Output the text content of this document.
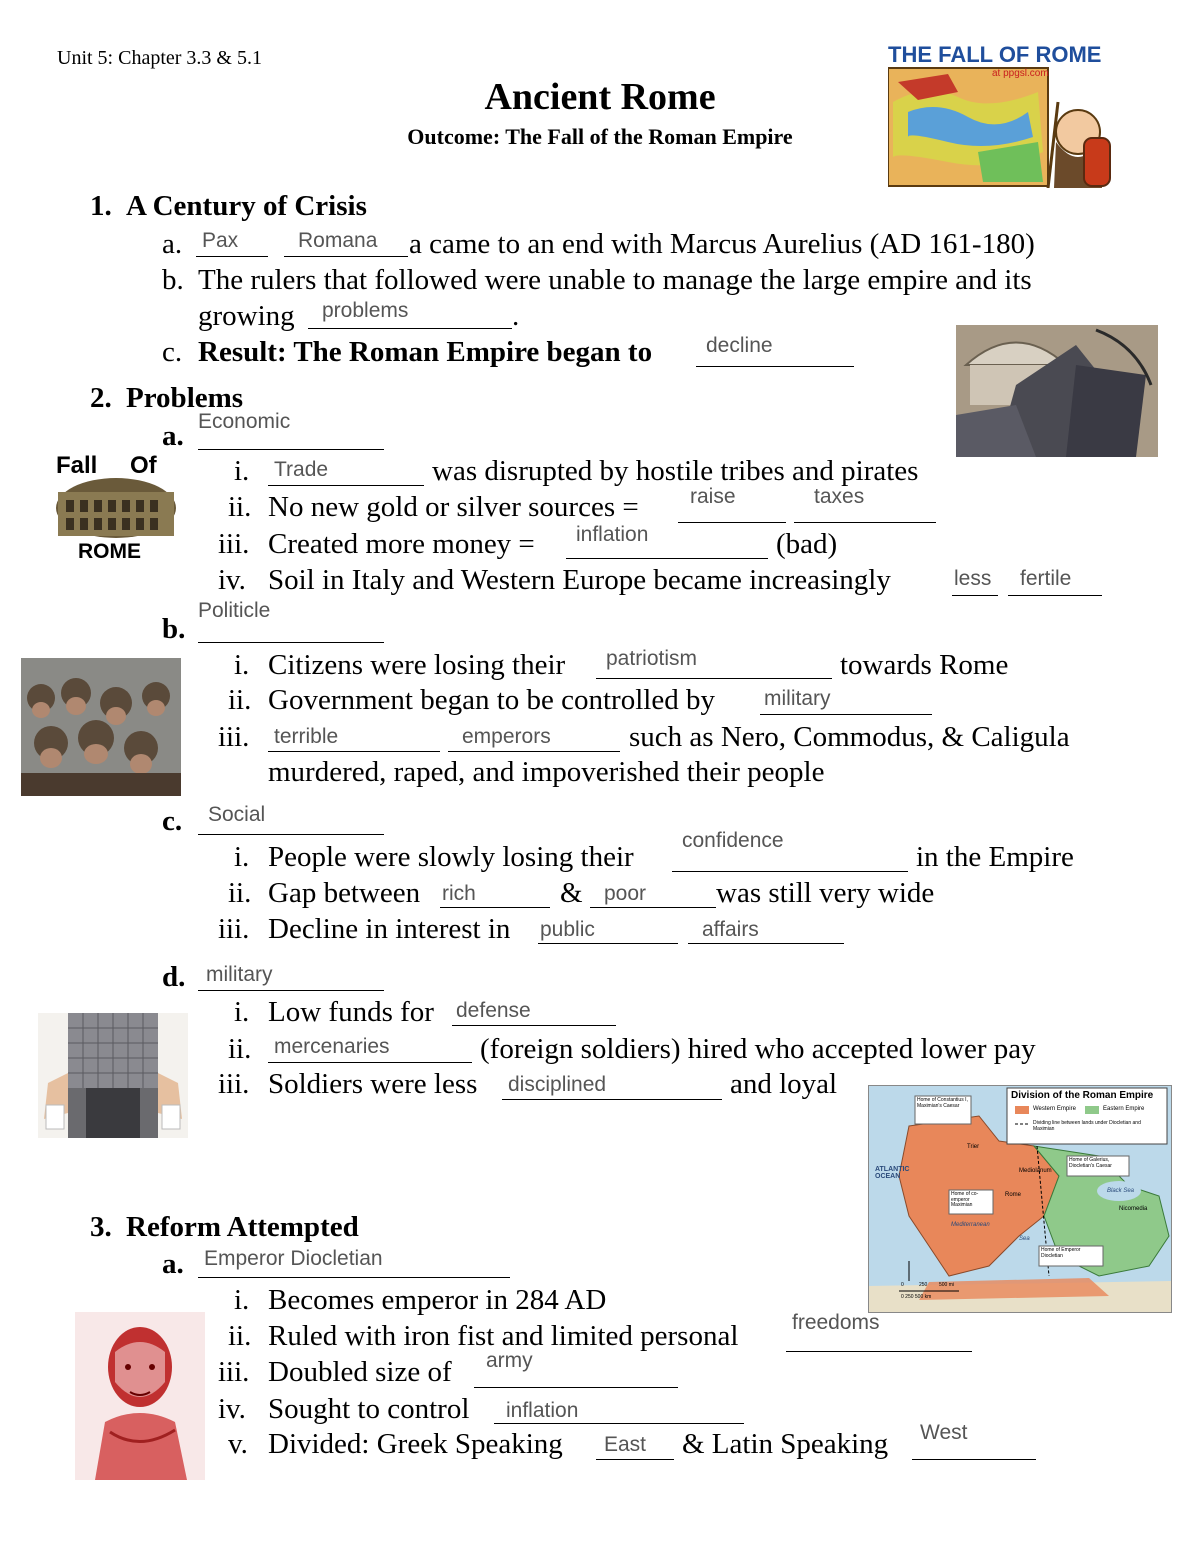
Unit 5: Chapter 3.3 & 5.1
Ancient Rome
Outcome: The Fall of the Roman Empire
THE FALL OF ROME
at ppgsl.com
1. A Century of Crisis
a. Pax	Romana a came to an end with Marcus Aurelius (AD 161-180)
b. The rulers that followed were unable to manage the large empire and its
growing problems	.
c. Result: The Roman Empire began to	decline
2. Problems
a. Economic
Fall Of
ROME
i. Trade	was disrupted by hostile tribes and pirates
ii. No new gold or silver sources = raise	taxes
iii. Created more money = inflation	(bad)
iv. Soil in Italy and Western Europe became increasingly	less fertile
b.
Politicle
i. Citizens were losing their patriotism	towards Rome
ii. Government began to be controlled by military
iii. terrible	emperors	such as Nero, Commodus, & Caligula
murdered, raped, and impoverished their people
c. Social
i. People were slowly losing their
confidence
in the Empire
ii. Gap between rich	& poor was still very wide
iii. Decline in interest in public	affairs
d. military
i. Low funds for defense
ii. mercenaries	(foreign soldiers) hired who accepted lower pay
iii. Soldiers were less disciplined	and loyal	Division of the Roman Empire
Western Empire	Eastern Empire
Dividing line between lands under Diocletian and Maximian
Home of Constantius I, Maximian's Caesar
Trier
Mediolanum
Home of Galerius, Diocletian's Caesar
ATLANTIC OCEAN
Black Sea
Home of co-emperor Maximian
Rome
Nicomedia
Mediterranean
Sea
Home of Emperor Diocletian
0	250 500 mi
0 250 500 km
3. Reform Attempted
a. Emperor Diocletian
i. Becomes emperor in 284 AD
ii. Ruled with iron fist and limited personal	freedoms
iii. Doubled size of army
iv. Sought to control inflation
v. Divided: Greek Speaking East & Latin Speaking West
